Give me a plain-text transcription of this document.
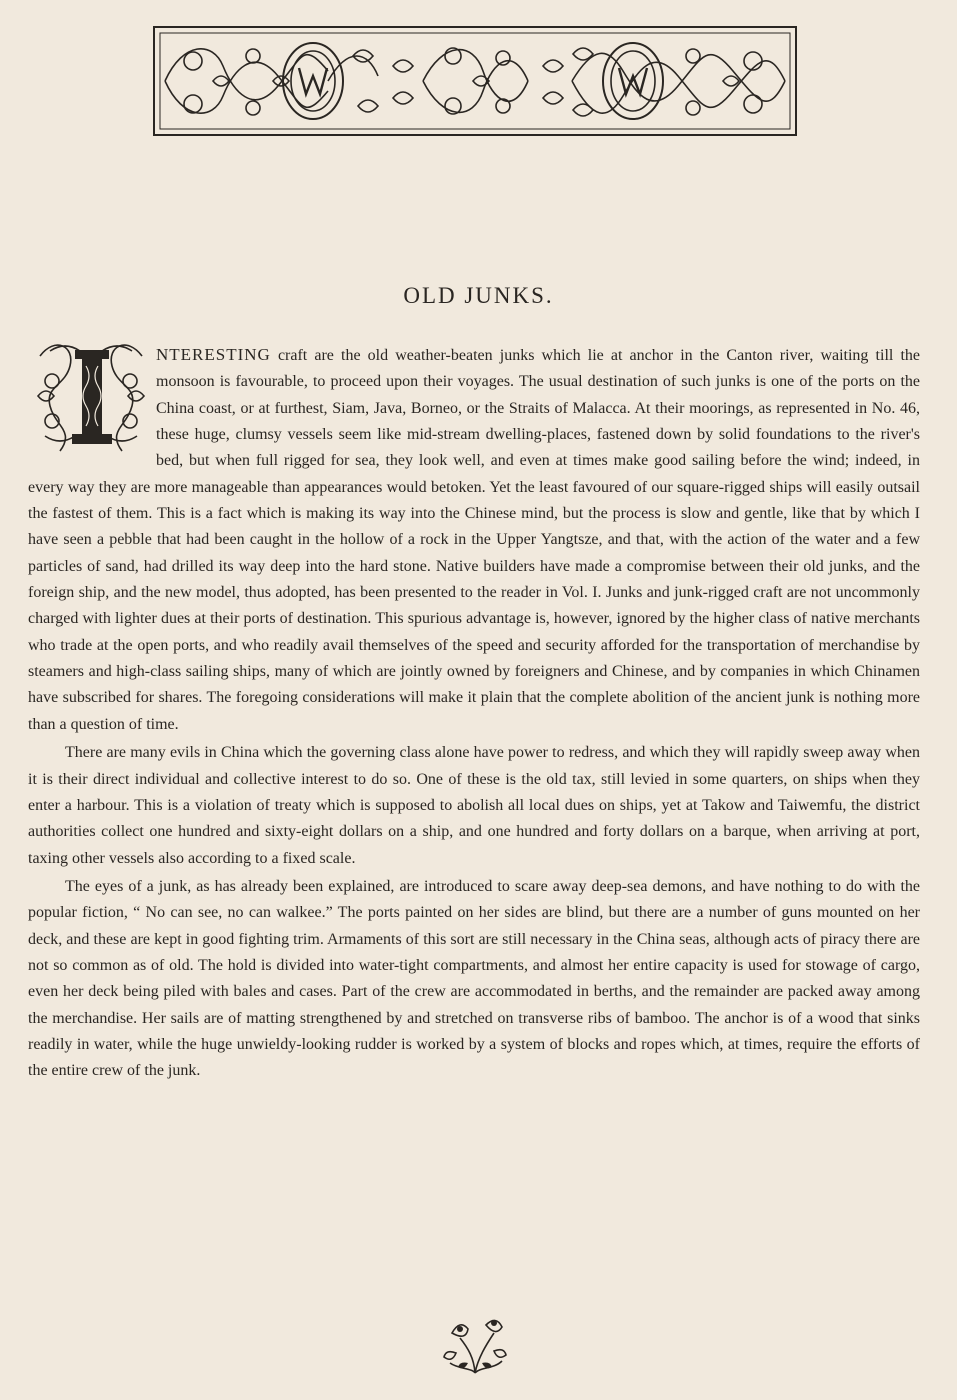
OLD JUNKS.

NTERESTING craft are the old weather-beaten junks which lie at anchor in the Canton river, waiting till the monsoon is favourable, to proceed upon their voyages. The usual destination of such junks is one of the ports on the China coast, or at furthest, Siam, Java, Borneo, or the Straits of Malacca. At their moorings, as represented in No. 46, these huge, clumsy vessels seem like mid-stream dwelling-places, fastened down by solid foundations to the river's bed, but when full rigged for sea, they look well, and even at times make good sailing before the wind; indeed, in every way they are more manageable than appearances would betoken. Yet the least favoured of our square-rigged ships will easily outsail the fastest of them. This is a fact which is making its way into the Chinese mind, but the process is slow and gentle, like that by which I have seen a pebble that had been caught in the hollow of a rock in the Upper Yangtsze, and that, with the action of the water and a few particles of sand, had drilled its way deep into the hard stone. Native builders have made a compromise between their old junks, and the foreign ship, and the new model, thus adopted, has been presented to the reader in Vol. I. Junks and junk-rigged craft are not uncommonly charged with lighter dues at their ports of destination. This spurious advantage is, however, ignored by the higher class of native merchants who trade at the open ports, and who readily avail themselves of the speed and security afforded for the transportation of merchandise by steamers and high-class sailing ships, many of which are jointly owned by foreigners and Chinese, and by companies in which Chinamen have subscribed for shares. The foregoing considerations will make it plain that the complete abolition of the ancient junk is nothing more than a question of time.

There are many evils in China which the governing class alone have power to redress, and which they will rapidly sweep away when it is their direct individual and collective interest to do so. One of these is the old tax, still levied in some quarters, on ships when they enter a harbour. This is a violation of treaty which is supposed to abolish all local dues on ships, yet at Takow and Taiwemfu, the district authorities collect one hundred and sixty-eight dollars on a ship, and one hundred and forty dollars on a barque, when arriving at port, taxing other vessels also according to a fixed scale.

The eyes of a junk, as has already been explained, are introduced to scare away deep-sea demons, and have nothing to do with the popular fiction, “ No can see, no can walkee.” The ports painted on her sides are blind, but there are a number of guns mounted on her deck, and these are kept in good fighting trim. Armaments of this sort are still necessary in the China seas, although acts of piracy there are not so common as of old. The hold is divided into water-tight compartments, and almost her entire capacity is used for stowage of cargo, even her deck being piled with bales and cases. Part of the crew are accommodated in berths, and the remainder are packed away among the merchandise. Her sails are of matting strengthened by and stretched on transverse ribs of bamboo. The anchor is of a wood that sinks readily in water, while the huge unwieldy-looking rudder is worked by a system of blocks and ropes which, at times, require the efforts of the entire crew of the junk.
